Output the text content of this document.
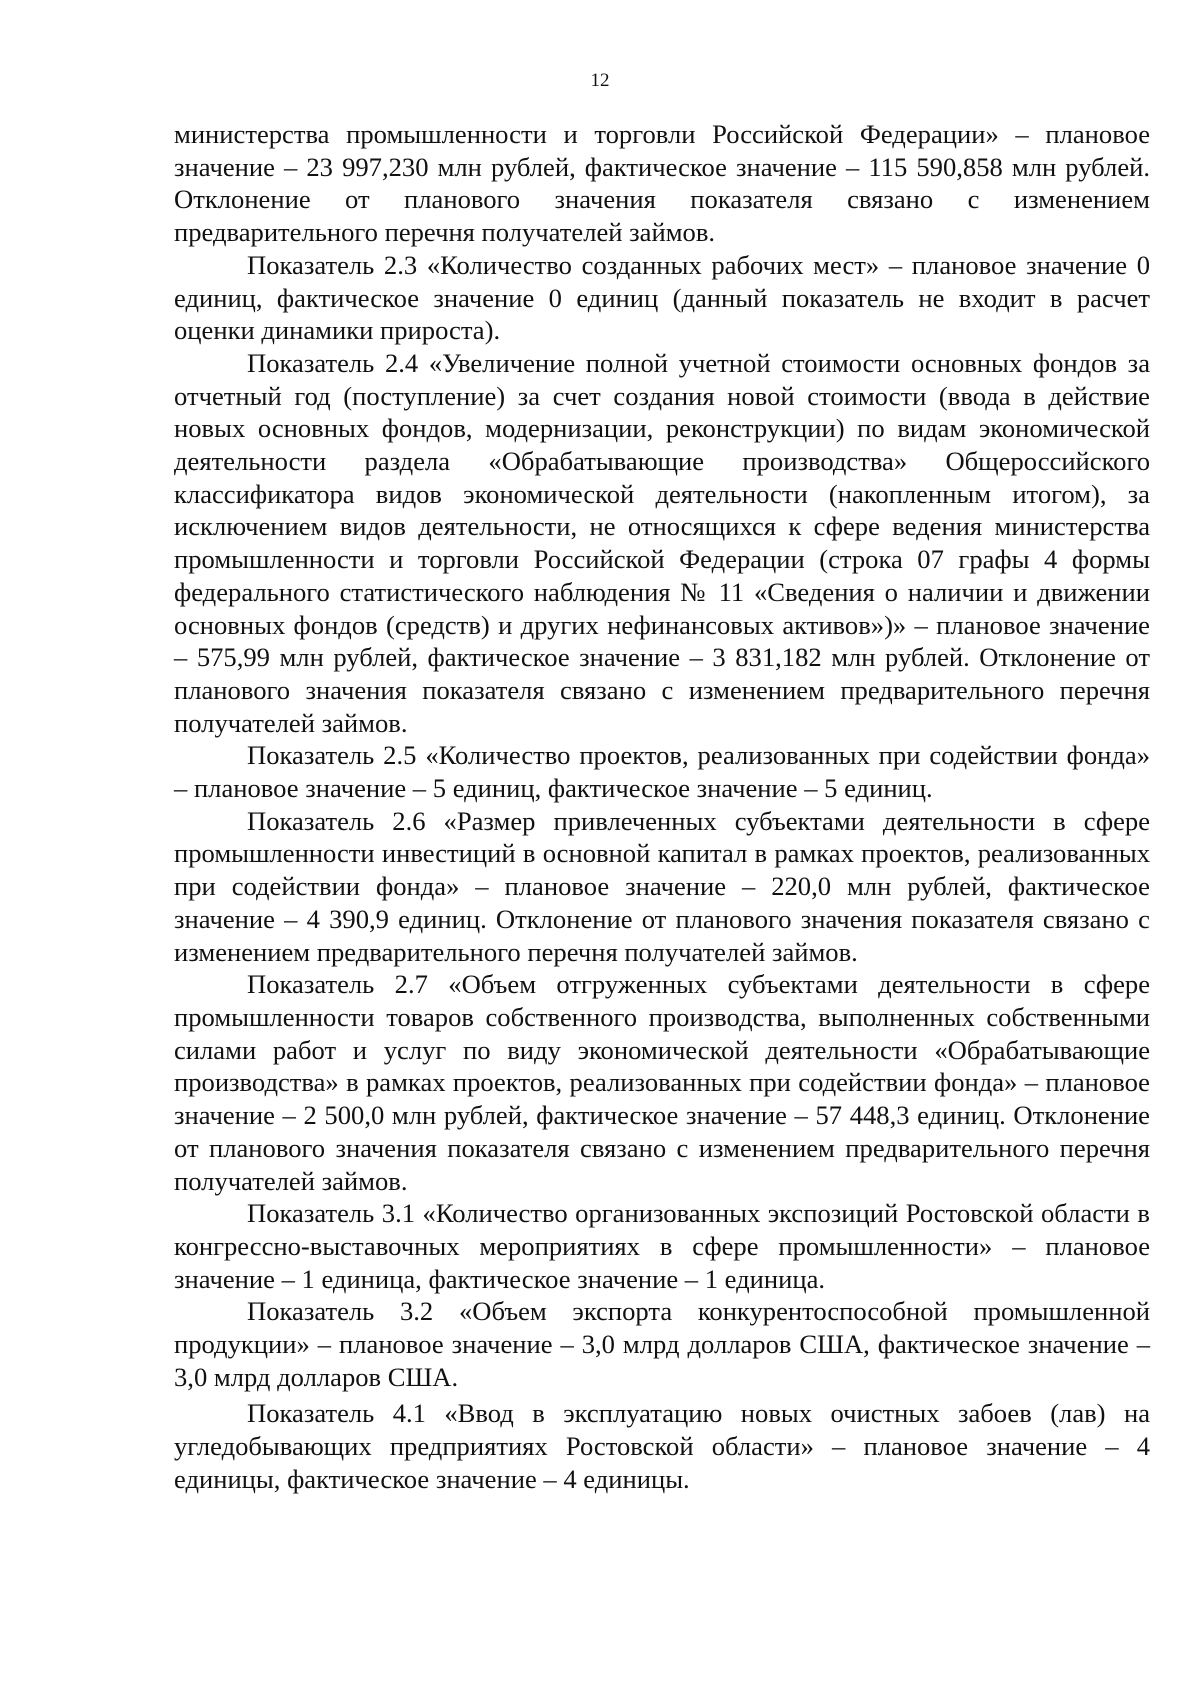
12

министерства промышленности и торговли Российской Федерации» – плановое значение – 23 997,230 млн рублей, фактическое значение – 115 590,858 млн рублей. Отклонение от планового значения показателя связано с изменением предварительного перечня получателей займов.

Показатель 2.3 «Количество созданных рабочих мест» – плановое значение 0 единиц, фактическое значение 0 единиц (данный показатель не входит в расчет оценки динамики прироста).

Показатель 2.4 «Увеличение полной учетной стоимости основных фондов за отчетный год (поступление) за счет создания новой стоимости (ввода в действие новых основных фондов, модернизации, реконструкции) по видам экономической деятельности раздела «Обрабатывающие производства» Общероссийского классификатора видов экономической деятельности (накопленным итогом), за исключением видов деятельности, не относящихся к сфере ведения министерства промышленности и торговли Российской Федерации (строка 07 графы 4 формы федерального статистического наблюдения № 11 «Сведения о наличии и движении основных фондов (средств) и других нефинансовых активов»)» – плановое значение – 575,99 млн рублей, фактическое значение – 3 831,182 млн рублей. Отклонение от планового значения показателя связано с изменением предварительного перечня получателей займов.

Показатель 2.5 «Количество проектов, реализованных при содействии фонда» – плановое значение – 5 единиц, фактическое значение – 5 единиц.

Показатель 2.6 «Размер привлеченных субъектами деятельности в сфере промышленности инвестиций в основной капитал в рамках проектов, реализованных при содействии фонда» – плановое значение – 220,0 млн рублей, фактическое значение – 4 390,9 единиц. Отклонение от планового значения показателя связано с изменением предварительного перечня получателей займов.

Показатель 2.7 «Объем отгруженных субъектами деятельности в сфере промышленности товаров собственного производства, выполненных собственными силами работ и услуг по виду экономической деятельности «Обрабатывающие производства» в рамках проектов, реализованных при содействии фонда» – плановое значение – 2 500,0 млн рублей, фактическое значение – 57 448,3 единиц. Отклонение от планового значения показателя связано с изменением предварительного перечня получателей займов.

Показатель 3.1 «Количество организованных экспозиций Ростовской области в конгрессно-выставочных мероприятиях в сфере промышленности» – плановое значение – 1 единица, фактическое значение – 1 единица.

Показатель 3.2 «Объем экспорта конкурентоспособной промышленной продукции» – плановое значение – 3,0 млрд долларов США, фактическое значение – 3,0 млрд долларов США.

Показатель 4.1 «Ввод в эксплуатацию новых очистных забоев (лав) на угледобывающих предприятиях Ростовской области» – плановое значение – 4 единицы, фактическое значение – 4 единицы.
